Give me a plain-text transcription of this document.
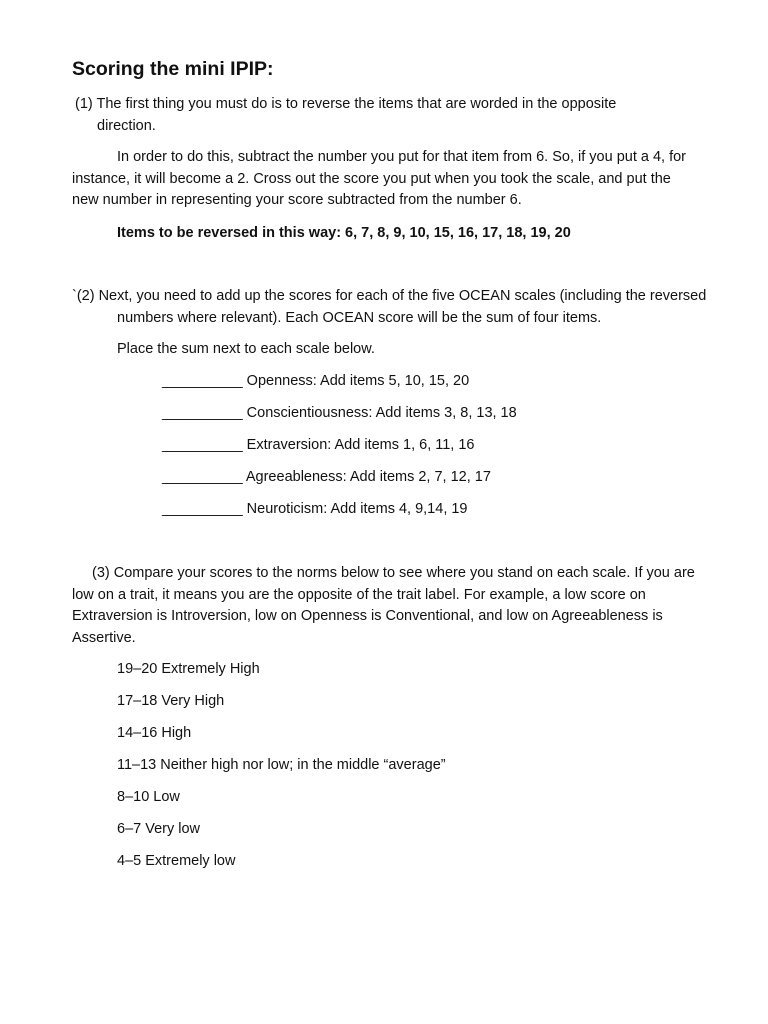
Scoring the mini IPIP:

(1) The first thing you must do is to reverse the items that are worded in the opposite direction.

In order to do this, subtract the number you put for that item from 6. So, if you put a 4, for instance, it will become a 2. Cross out the score you put when you took the scale, and put the new number in representing your score subtracted from the number 6.

Items to be reversed in this way: 6, 7, 8, 9, 10, 15, 16, 17, 18, 19, 20

`(2) Next, you need to add up the scores for each of the five OCEAN scales (including the reversed numbers where relevant). Each OCEAN score will be the sum of four items.

Place the sum next to each scale below.

__________ Openness: Add items 5, 10, 15, 20
__________ Conscientiousness: Add items 3, 8, 13, 18
__________ Extraversion: Add items 1, 6, 11, 16
__________ Agreeableness: Add items 2, 7, 12, 17
__________ Neuroticism: Add items 4, 9,14, 19

(3) Compare your scores to the norms below to see where you stand on each scale. If you are low on a trait, it means you are the opposite of the trait label. For example, a low score on Extraversion is Introversion, low on Openness is Conventional, and low on Agreeableness is Assertive.

19–20 Extremely High
17–18 Very High
14–16 High
11–13 Neither high nor low; in the middle “average”
8–10 Low
6–7 Very low
4–5 Extremely low
